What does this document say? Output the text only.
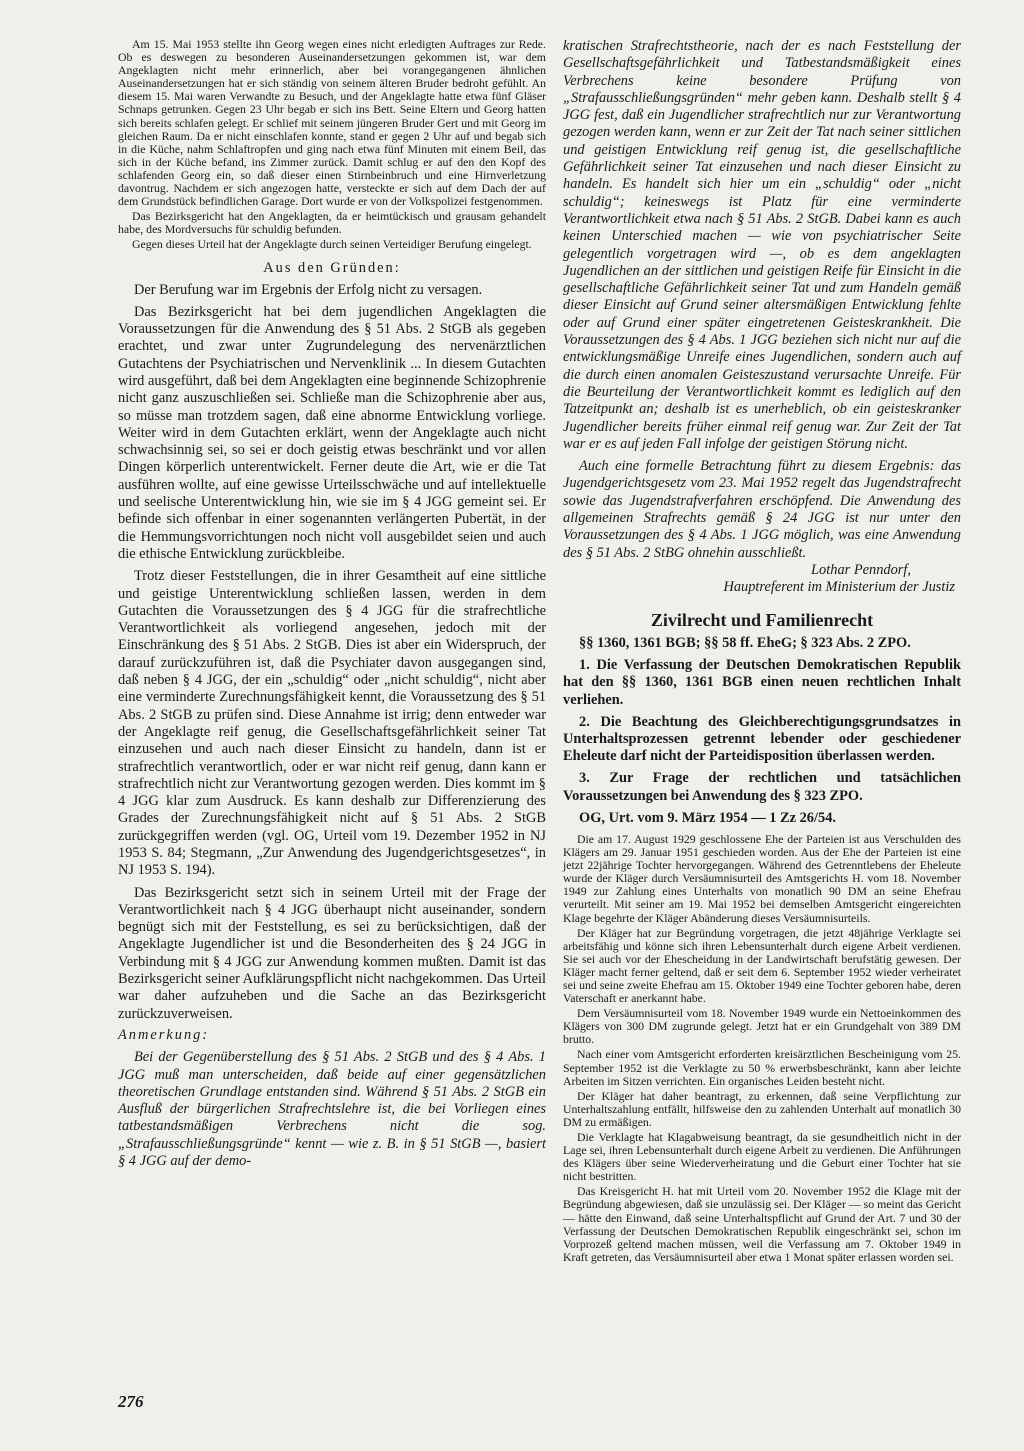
Am 15. Mai 1953 stellte ihn Georg wegen eines nicht erledigten Auftrages zur Rede. Ob es deswegen zu besonderen Auseinandersetzungen gekommen ist, war dem Angeklagten nicht mehr erinnerlich, aber bei vorangegangenen ähnlichen Auseinandersetzungen hat er sich ständig von seinem älteren Bruder bedroht gefühlt. An diesem 15. Mai waren Verwandte zu Besuch, und der Angeklagte hatte etwa fünf Gläser Schnaps getrunken. Gegen 23 Uhr begab er sich ins Bett. Seine Eltern und Georg hatten sich bereits schlafen gelegt. Er schlief mit seinem jüngeren Bruder Gert und mit Georg im gleichen Raum. Da er nicht einschlafen konnte, stand er gegen 2 Uhr auf und begab sich in die Küche, nahm Schlaftropfen und ging nach etwa fünf Minuten mit einem Beil, das sich in der Küche befand, ins Zimmer zurück. Damit schlug er auf den den Kopf des schlafenden Georg ein, so daß dieser einen Stirnbeinbruch und eine Hirnverletzung davontrug. Nachdem er sich angezogen hatte, versteckte er sich auf dem Dach der auf dem Grundstück befindlichen Garage. Dort wurde er von der Volkspolizei festgenommen.

Das Bezirksgericht hat den Angeklagten, da er heimtückisch und grausam gehandelt habe, des Mordversuchs für schuldig befunden.

Gegen dieses Urteil hat der Angeklagte durch seinen Verteidiger Berufung eingelegt.

Aus den Gründen:

Der Berufung war im Ergebnis der Erfolg nicht zu versagen.

Das Bezirksgericht hat bei dem jugendlichen Angeklagten die Voraussetzungen für die Anwendung des § 51 Abs. 2 StGB als gegeben erachtet, und zwar unter Zugrundelegung des nervenärztlichen Gutachtens der Psychiatrischen und Nervenklinik ... In diesem Gutachten wird ausgeführt, daß bei dem Angeklagten eine beginnende Schizophrenie nicht ganz auszuschließen sei. Schließe man die Schizophrenie aber aus, so müsse man trotzdem sagen, daß eine abnorme Entwicklung vorliege. Weiter wird in dem Gutachten erklärt, wenn der Angeklagte auch nicht schwachsinnig sei, so sei er doch geistig etwas beschränkt und vor allen Dingen körperlich unterentwickelt. Ferner deute die Art, wie er die Tat ausführen wollte, auf eine gewisse Urteilsschwäche und auf intellektuelle und seelische Unterentwicklung hin, wie sie im § 4 JGG gemeint sei. Er befinde sich offenbar in einer sogenannten verlängerten Pubertät, in der die Hemmungsvorrichtungen noch nicht voll ausgebildet seien und auch die ethische Entwicklung zurückbleibe.

Trotz dieser Feststellungen, die in ihrer Gesamtheit auf eine sittliche und geistige Unterentwicklung schließen lassen, werden in dem Gutachten die Voraussetzungen des § 4 JGG für die strafrechtliche Verantwortlichkeit als vorliegend angesehen, jedoch mit der Einschränkung des § 51 Abs. 2 StGB. Dies ist aber ein Widerspruch, der darauf zurückzuführen ist, daß die Psychiater davon ausgegangen sind, daß neben § 4 JGG, der ein „schuldig“ oder „nicht schuldig“, nicht aber eine verminderte Zurechnungsfähigkeit kennt, die Voraussetzung des § 51 Abs. 2 StGB zu prüfen sind. Diese Annahme ist irrig; denn entweder war der Angeklagte reif genug, die Gesellschaftsgefährlichkeit seiner Tat einzusehen und auch nach dieser Einsicht zu handeln, dann ist er strafrechtlich verantwortlich, oder er war nicht reif genug, dann kann er strafrechtlich nicht zur Verantwortung gezogen werden. Dies kommt im § 4 JGG klar zum Ausdruck. Es kann deshalb zur Differenzierung des Grades der Zurechnungsfähigkeit nicht auf § 51 Abs. 2 StGB zurückgegriffen werden (vgl. OG, Urteil vom 19. Dezember 1952 in NJ 1953 S. 84; Stegmann, „Zur Anwendung des Jugendgerichtsgesetzes“, in NJ 1953 S. 194).

Das Bezirksgericht setzt sich in seinem Urteil mit der Frage der Verantwortlichkeit nach § 4 JGG überhaupt nicht auseinander, sondern begnügt sich mit der Feststellung, es sei zu berücksichtigen, daß der Angeklagte Jugendlicher ist und die Besonderheiten des § 24 JGG in Verbindung mit § 4 JGG zur Anwendung kommen mußten. Damit ist das Bezirksgericht seiner Aufklärungspflicht nicht nachgekommen. Das Urteil war daher aufzuheben und die Sache an das Bezirksgericht zurückzuverweisen.

Anmerkung:

Bei der Gegenüberstellung des § 51 Abs. 2 StGB und des § 4 Abs. 1 JGG muß man unterscheiden, daß beide auf einer gegensätzlichen theoretischen Grundlage entstanden sind. Während § 51 Abs. 2 StGB ein Ausfluß der bürgerlichen Strafrechtslehre ist, die bei Vorliegen eines tatbestandsmäßigen Verbrechens nicht die sog. „Strafausschließungsgründe“ kennt — wie z. B. in § 51 StGB —, basiert § 4 JGG auf der demo-

kratischen Strafrechtstheorie, nach der es nach Feststellung der Gesellschaftsgefährlichkeit und Tatbestandsmäßigkeit eines Verbrechens keine besondere Prüfung von „Strafausschließungsgründen“ mehr geben kann. Deshalb stellt § 4 JGG fest, daß ein Jugendlicher strafrechtlich nur zur Verantwortung gezogen werden kann, wenn er zur Zeit der Tat nach seiner sittlichen und geistigen Entwicklung reif genug ist, die gesellschaftliche Gefährlichkeit seiner Tat einzusehen und nach dieser Einsicht zu handeln. Es handelt sich hier um ein „schuldig“ oder „nicht schuldig“; keineswegs ist Platz für eine verminderte Verantwortlichkeit etwa nach § 51 Abs. 2 StGB. Dabei kann es auch keinen Unterschied machen — wie von psychiatrischer Seite gelegentlich vorgetragen wird —, ob es dem angeklagten Jugendlichen an der sittlichen und geistigen Reife für Einsicht in die gesellschaftliche Gefährlichkeit seiner Tat und zum Handeln gemäß dieser Einsicht auf Grund seiner altersmäßigen Entwicklung fehlte oder auf Grund einer später eingetretenen Geisteskrankheit. Die Voraussetzungen des § 4 Abs. 1 JGG beziehen sich nicht nur auf die entwicklungsmäßige Unreife eines Jugendlichen, sondern auch auf die durch einen anomalen Geisteszustand verursachte Unreife. Für die Beurteilung der Verantwortlichkeit kommt es lediglich auf den Tatzeitpunkt an; deshalb ist es unerheblich, ob ein geisteskranker Jugendlicher bereits früher einmal reif genug war. Zur Zeit der Tat war er es auf jeden Fall infolge der geistigen Störung nicht.

Auch eine formelle Betrachtung führt zu diesem Ergebnis: das Jugendgerichtsgesetz vom 23. Mai 1952 regelt das Jugendstrafrecht sowie das Jugendstrafverfahren erschöpfend. Die Anwendung des allgemeinen Strafrechts gemäß § 24 JGG ist nur unter den Voraussetzungen des § 4 Abs. 1 JGG möglich, was eine Anwendung des § 51 Abs. 2 StBG ohnehin ausschließt.

Lothar Penndorf,
Hauptreferent im Ministerium der Justiz
Zivilrecht und Familienrecht

§§ 1360, 1361 BGB; §§ 58 ff. EheG; § 323 Abs. 2 ZPO.

1. Die Verfassung der Deutschen Demokratischen Republik hat den §§ 1360, 1361 BGB einen neuen rechtlichen Inhalt verliehen.

2. Die Beachtung des Gleichberechtigungsgrundsatzes in Unterhaltsprozessen getrennt lebender oder geschiedener Eheleute darf nicht der Parteidisposition überlassen werden.

3. Zur Frage der rechtlichen und tatsächlichen Voraussetzungen bei Anwendung des § 323 ZPO.

OG, Urt. vom 9. März 1954 — 1 Zz 26/54.

Die am 17. August 1929 geschlossene Ehe der Parteien ist aus Verschulden des Klägers am 29. Januar 1951 geschieden worden. Aus der Ehe der Parteien ist eine jetzt 22jährige Tochter hervorgegangen. Während des Getrenntlebens der Eheleute wurde der Kläger durch Versäumnisurteil des Amtsgerichts H. vom 18. November 1949 zur Zahlung eines Unterhalts von monatlich 90 DM an seine Ehefrau verurteilt. Mit seiner am 19. Mai 1952 bei demselben Amtsgericht eingereichten Klage begehrte der Kläger Abänderung dieses Versäumnisurteils.

Der Kläger hat zur Begründung vorgetragen, die jetzt 48jährige Verklagte sei arbeitsfähig und könne sich ihren Lebensunterhalt durch eigene Arbeit verdienen. Sie sei auch vor der Ehescheidung in der Landwirtschaft berufstätig gewesen. Der Kläger macht ferner geltend, daß er seit dem 6. September 1952 wieder verheiratet sei und seine zweite Ehefrau am 15. Oktober 1949 eine Tochter geboren habe, deren Vaterschaft er anerkannt habe.

Dem Versäumnisurteil vom 18. November 1949 wurde ein Nettoeinkommen des Klägers von 300 DM zugrunde gelegt. Jetzt hat er ein Grundgehalt von 389 DM brutto.

Nach einer vom Amtsgericht erforderten kreisärztlichen Bescheinigung vom 25. September 1952 ist die Verklagte zu 50 % erwerbsbeschränkt, kann aber leichte Arbeiten im Sitzen verrichten. Ein organisches Leiden besteht nicht.

Der Kläger hat daher beantragt, zu erkennen, daß seine Verpflichtung zur Unterhaltszahlung entfällt, hilfsweise den zu zahlenden Unterhalt auf monatlich 30 DM zu ermäßigen.

Die Verklagte hat Klagabweisung beantragt, da sie gesundheitlich nicht in der Lage sei, ihren Lebensunterhalt durch eigene Arbeit zu verdienen. Die Anführungen des Klägers über seine Wiederverheiratung und die Geburt einer Tochter hat sie nicht bestritten.

Das Kreisgericht H. hat mit Urteil vom 20. November 1952 die Klage mit der Begründung abgewiesen, daß sie unzulässig sei. Der Kläger — so meint das Gericht — hätte den Einwand, daß seine Unterhaltspflicht auf Grund der Art. 7 und 30 der Verfassung der Deutschen Demokratischen Republik eingeschränkt sei, schon im Vorprozeß geltend machen müssen, weil die Verfassung am 7. Oktober 1949 in Kraft getreten, das Versäumnisurteil aber etwa 1 Monat später erlassen worden sei.

276
